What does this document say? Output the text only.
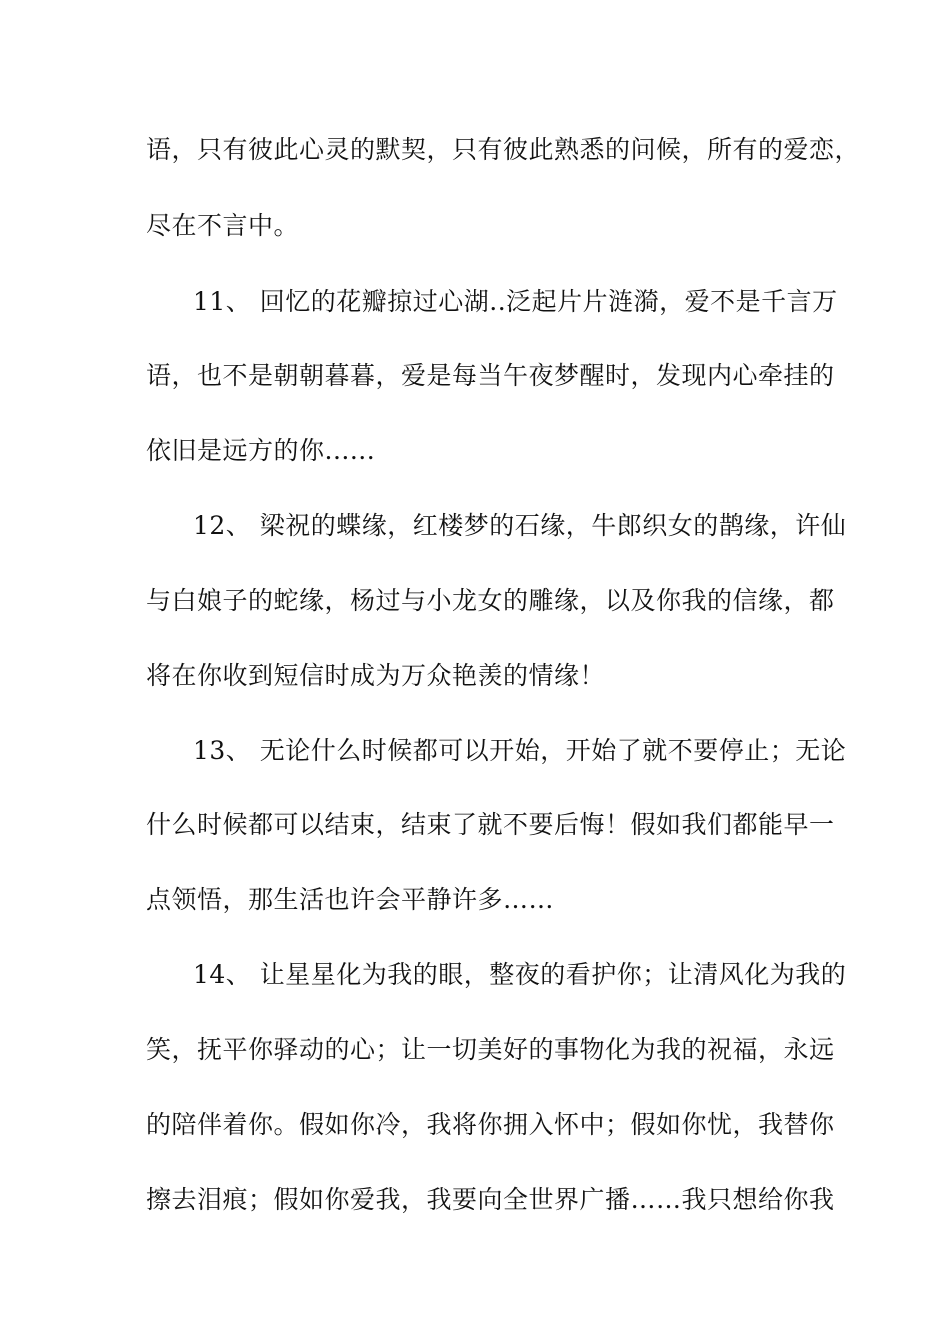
语，只有彼此心灵的默契，只有彼此熟悉的问候，所有的爱恋，
尽在不言中。
11、 回忆的花瓣掠过心湖..泛起片片涟漪，爱不是千言万
语，也不是朝朝暮暮，爱是每当午夜梦醒时，发现内心牵挂的
依旧是远方的你......
12、 梁祝的蝶缘，红楼梦的石缘，牛郎织女的鹊缘，许仙
与白娘子的蛇缘，杨过与小龙女的雕缘，以及你我的信缘，都
将在你收到短信时成为万众艳羡的情缘！
13、 无论什么时候都可以开始，开始了就不要停止；无论
什么时候都可以结束，结束了就不要后悔！假如我们都能早一
点领悟，那生活也许会平静许多……
14、 让星星化为我的眼，整夜的看护你；让清风化为我的
笑，抚平你驿动的心；让一切美好的事物化为我的祝福，永远
的陪伴着你。假如你冷，我将你拥入怀中；假如你忧，我替你
擦去泪痕；假如你爱我，我要向全世界广播……我只想给你我
